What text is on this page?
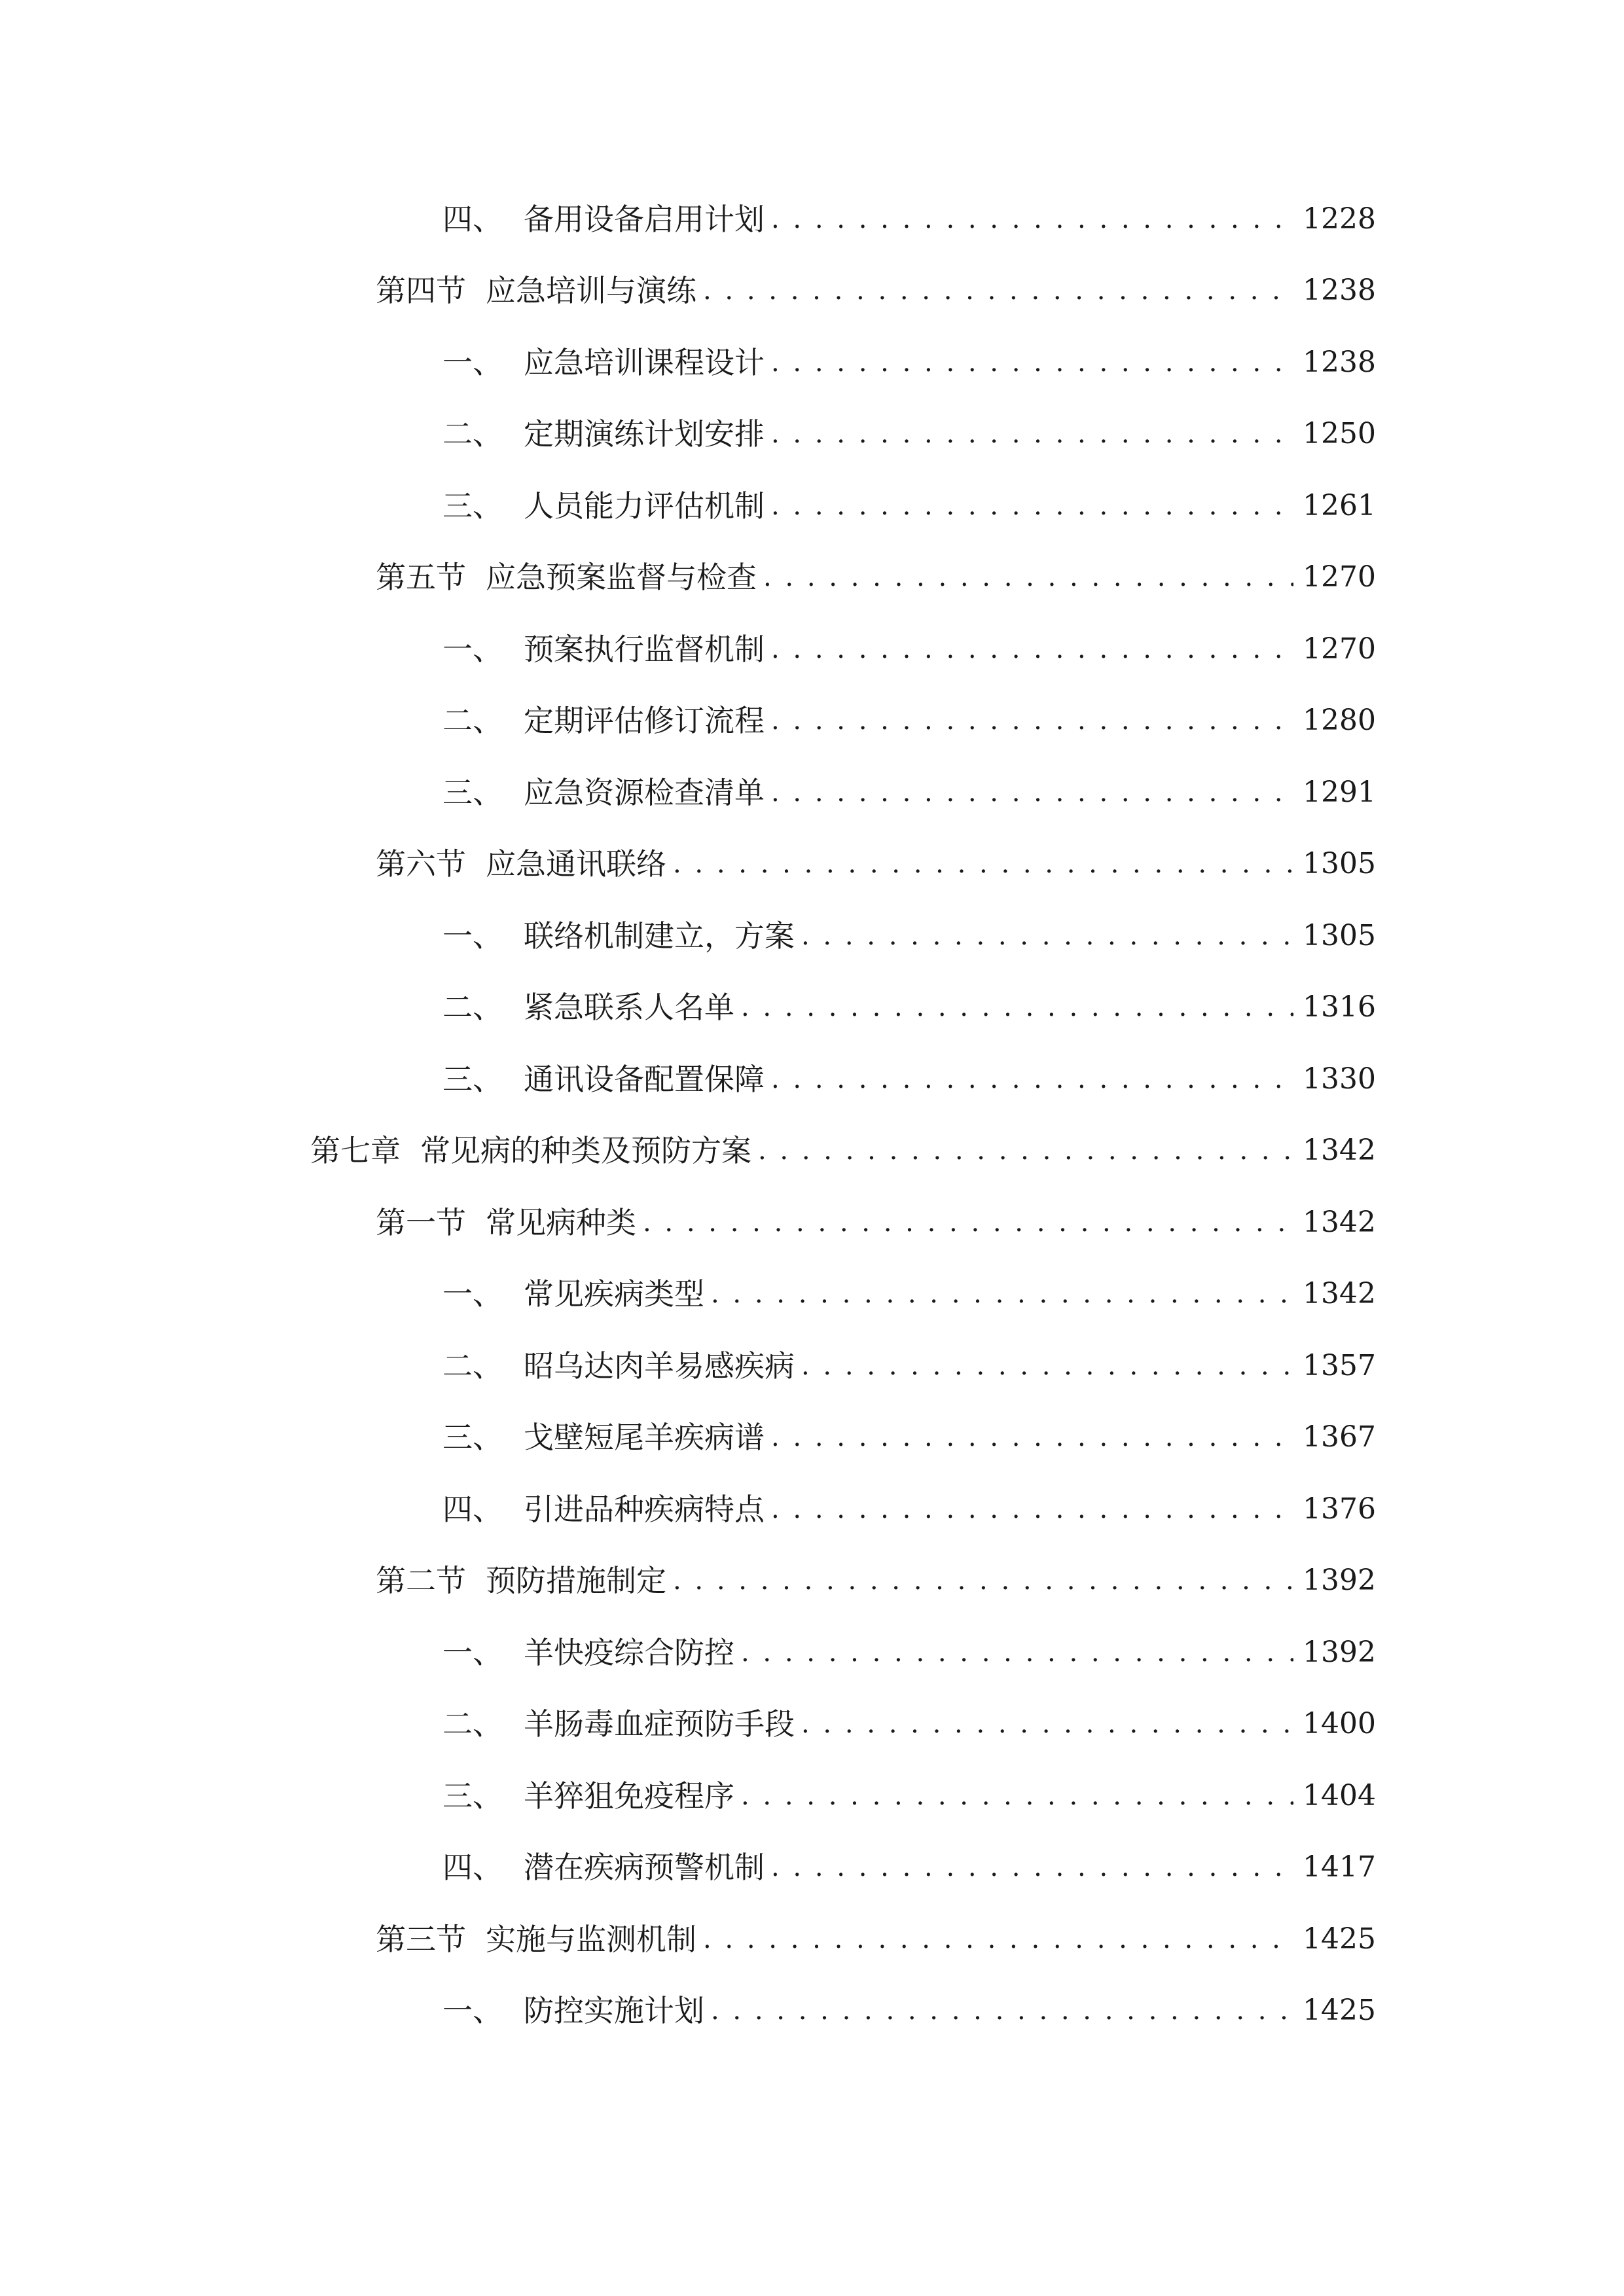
四、 备用设备启用计划 . . .	1228
第四节 应急培训与演练 . . .	1238
一、 应急培训课程设计 . . .	1238
二、 定期演练计划安排 . . .	1250
三、 人员能力评估机制 . . .	1261
第五节 应急预案监督与检查 . . .	1270
一、 预案执行监督机制 . . .	1270
二、 定期评估修订流程 . . .	1280
三、 应急资源检查清单 . . .	1291
第六节 应急通讯联络 . . .	1305
一、 联络机制建立，方案 . . .	1305
二、 紧急联系人名单 . . .	1316
三、 通讯设备配置保障 . . .	1330
第七章 常见病的种类及预防方案 . . .	1342
第一节 常见病种类 . . .	1342
一、 常见疾病类型 . . .	1342
二、 昭乌达肉羊易感疾病 . . .	1357
三、 戈壁短尾羊疾病谱 . . .	1367
四、 引进品种疾病特点 . . .	1376
第二节 预防措施制定 . . .	1392
一、 羊快疫综合防控 . . .	1392
二、 羊肠毒血症预防手段 . . .	1400
三、 羊猝狙免疫程序 . . .	1404
四、 潜在疾病预警机制 . . .	1417
第三节 实施与监测机制 . . .	1425
一、 防控实施计划 . . .	1425
